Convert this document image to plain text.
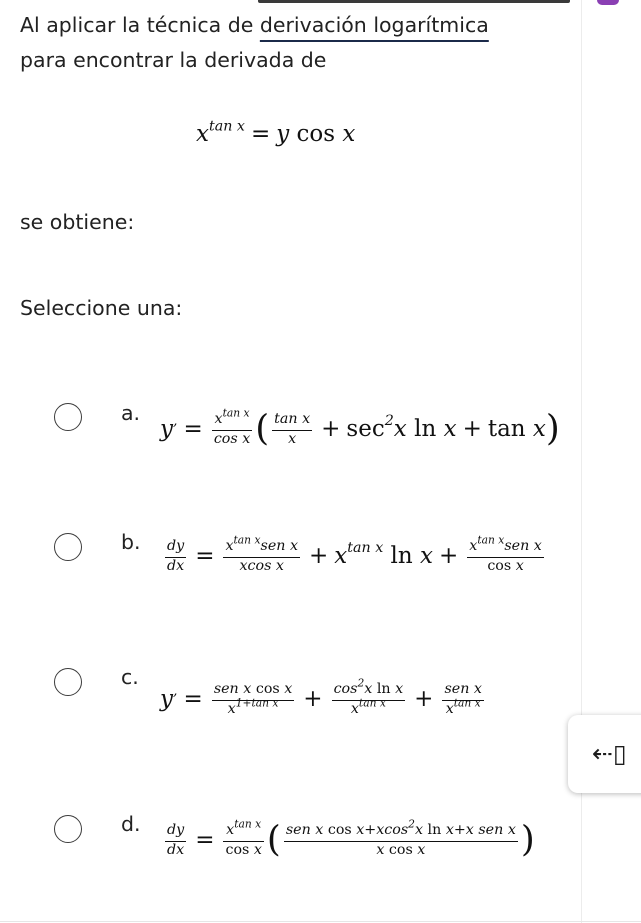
Al aplicar la técnica de derivación logarítmica
para encontrar la derivada de
$x^{tan x} = y$ cos x
se obtiene:
Seleccione una:
a.
$y^, = \frac{x^{tan x}}{\text{cos x}}$ ( $\frac{\text{tan x}}{x} + \sec^2x$ ln x + tan x)
b. $\frac{dy}{dx} = \frac{x^{tan x}sen x}{\text{xcos x}} + x^{tan x}$ $\ln x + \frac{x^{tan x}sen x}{\text{cos x}}$
c.
$y^, = \frac{\text{sen x cos x}}{x^{1+tan x}} + \frac{\cos^2x \ln x}{x^{tan x}} + \frac{\text{sen x}}{x^{tan x}}$
d. $\frac{dy}{dx} = \frac{x^{tan x}}{\text{cos x}}$ ( $\frac{sen x \cos x+xcos^2x \ln x+x sen x}{\text{x cos x}}$ )
⇠▯
